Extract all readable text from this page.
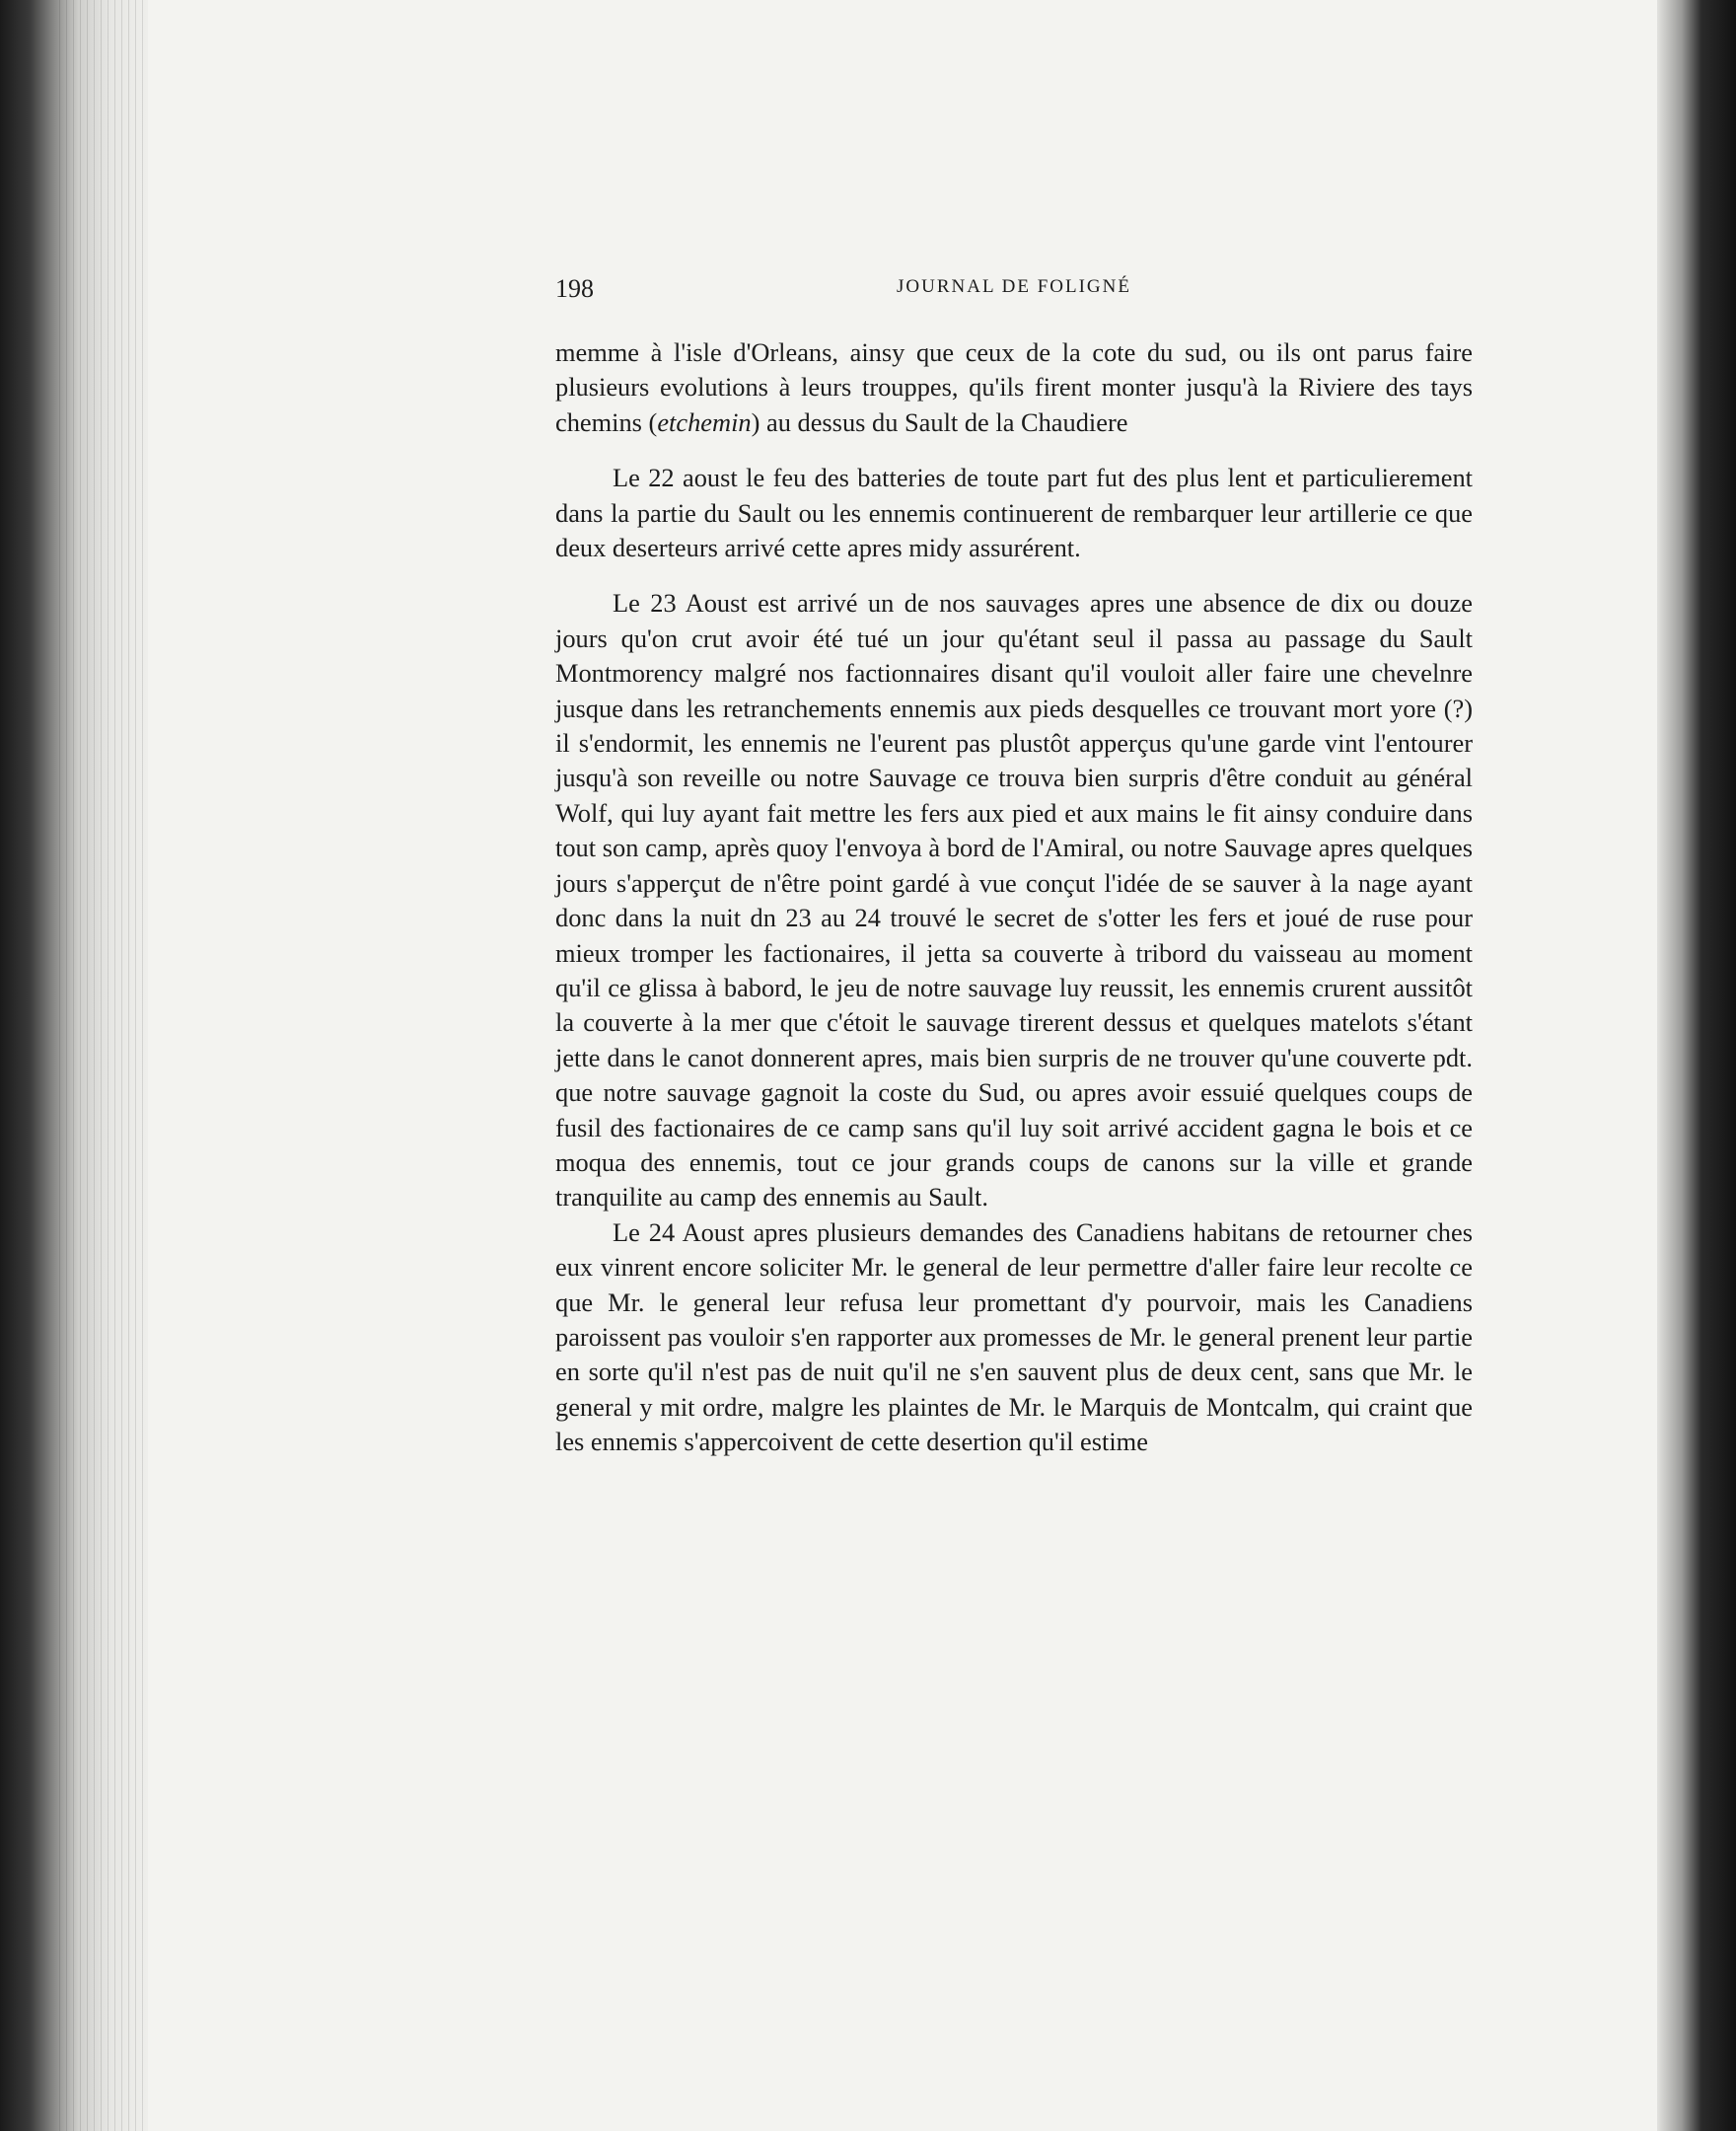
198	JOURNAL DE FOLIGNÉ

memme à l'isle d'Orleans, ainsy que ceux de la cote du sud, ou ils ont parus faire plusieurs evolutions à leurs trouppes, qu'ils firent monter jusqu'à la Riviere des tays chemins (etchemin) au dessus du Sault de la Chaudiere

Le 22 aoust le feu des batteries de toute part fut des plus lent et particulierement dans la partie du Sault ou les ennemis continuerent de rembarquer leur artillerie ce que deux deserteurs arrivé cette apres midy assurérent.

Le 23 Aoust est arrivé un de nos sauvages apres une absence de dix ou douze jours qu'on crut avoir été tué un jour qu'étant seul il passa au passage du Sault Montmorency malgré nos factionnaires disant qu'il vouloit aller faire une chevelnre jusque dans les retranchements ennemis aux pieds desquelles ce trouvant mort yore (?) il s'endormit, les ennemis ne l'eurent pas plustôt apperçus qu'une garde vint l'entourer jusqu'à son reveille ou notre Sauvage ce trouva bien surpris d'être conduit au général Wolf, qui luy ayant fait mettre les fers aux pied et aux mains le fit ainsy conduire dans tout son camp, après quoy l'envoya à bord de l'Amiral, ou notre Sauvage apres quelques jours s'apperçut de n'être point gardé à vue conçut l'idée de se sauver à la nage ayant donc dans la nuit dn 23 au 24 trouvé le secret de s'otter les fers et joué de ruse pour mieux tromper les factionaires, il jetta sa couverte à tribord du vaisseau au moment qu'il ce glissa à babord, le jeu de notre sauvage luy reussit, les ennemis crurent aussitôt la couverte à la mer que c'étoit le sauvage tirerent dessus et quelques matelots s'étant jette dans le canot donnerent apres, mais bien surpris de ne trouver qu'une couverte pdt. que notre sauvage gagnoit la coste du Sud, ou apres avoir essuié quelques coups de fusil des factionaires de ce camp sans qu'il luy soit arrivé accident gagna le bois et ce moqua des ennemis, tout ce jour grands coups de canons sur la ville et grande tranquilite au camp des ennemis au Sault.

Le 24 Aoust apres plusieurs demandes des Canadiens habitans de retourner ches eux vinrent encore soliciter Mr. le general de leur permettre d'aller faire leur recolte ce que Mr. le general leur refusa leur promettant d'y pourvoir, mais les Canadiens paroissent pas vouloir s'en rapporter aux promesses de Mr. le general prenent leur partie en sorte qu'il n'est pas de nuit qu'il ne s'en sauvent plus de deux cent, sans que Mr. le general y mit ordre, malgre les plaintes de Mr. le Marquis de Montcalm, qui craint que les ennemis s'appercoivent de cette desertion qu'il estime
